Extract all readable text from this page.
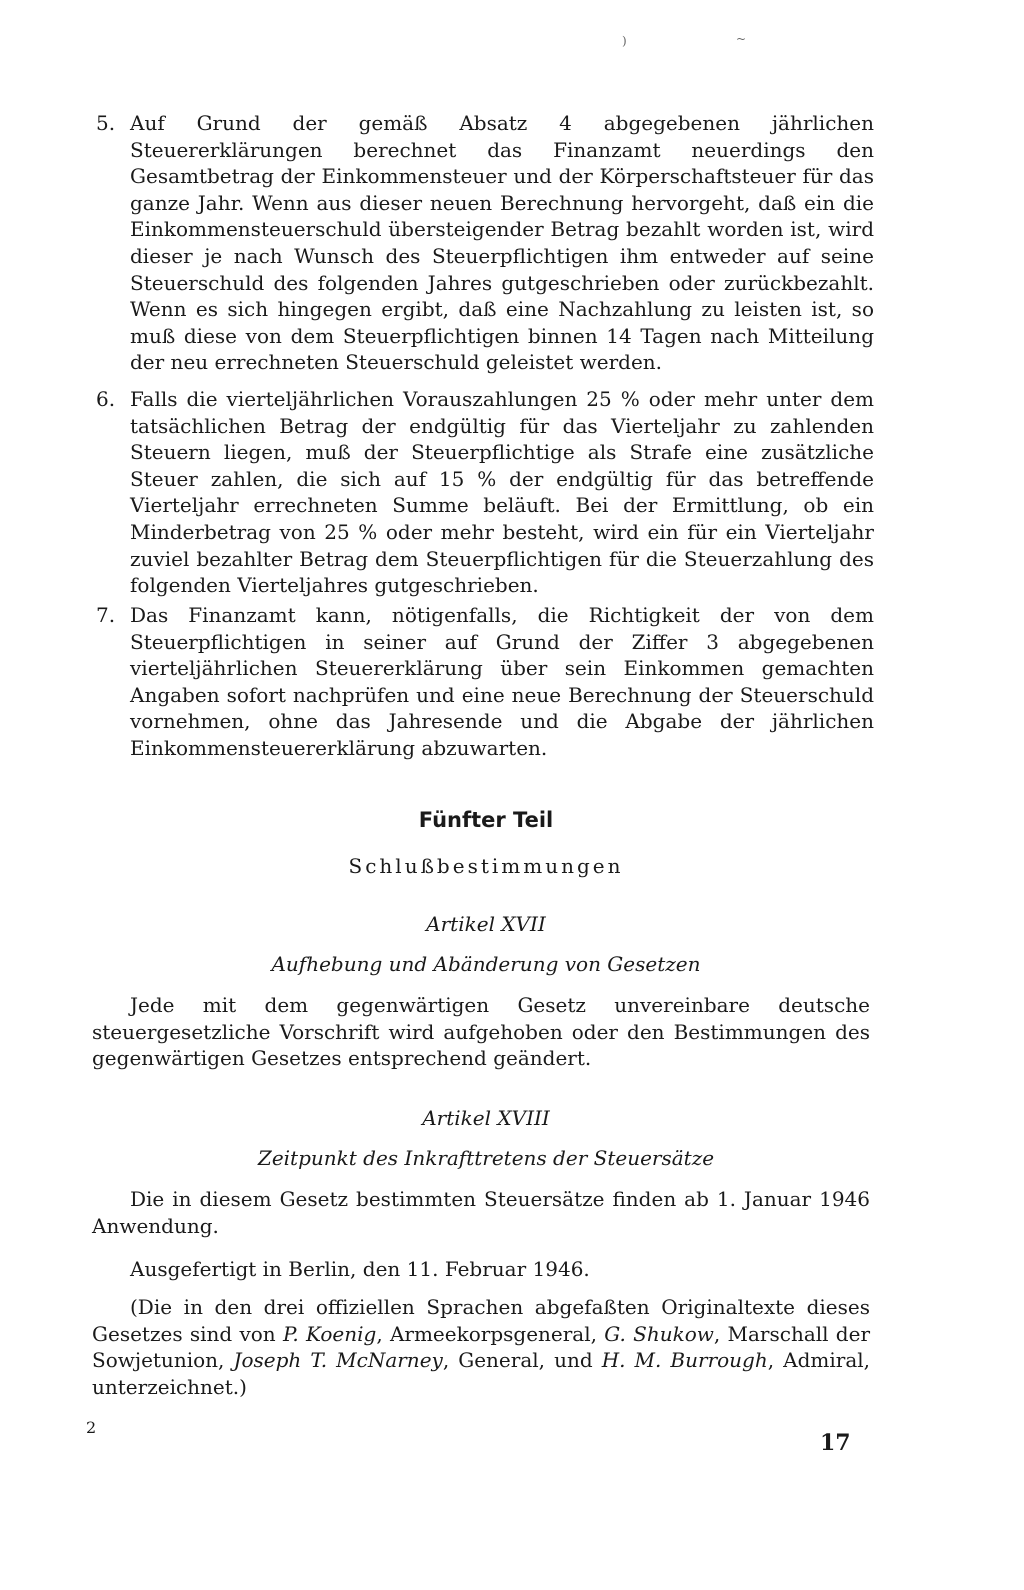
)	~
5. Auf Grund der gemäß Absatz 4 abgegebenen jährlichen Steuererklärungen berechnet das Finanzamt neuerdings den Gesamtbetrag der Einkommensteuer und der Körperschaftsteuer für das ganze Jahr. Wenn aus dieser neuen Berechnung hervorgeht, daß ein die Einkommensteuerschuld übersteigender Betrag bezahlt worden ist, wird dieser je nach Wunsch des Steuerpflichtigen ihm entweder auf seine Steuerschuld des folgenden Jahres gutgeschrieben oder zurückbezahlt. Wenn es sich hingegen ergibt, daß eine Nachzahlung zu leisten ist, so muß diese von dem Steuerpflichtigen binnen 14 Tagen nach Mitteilung der neu errechneten Steuerschuld geleistet werden.
6. Falls die vierteljährlichen Vorauszahlungen 25 % oder mehr unter dem tatsächlichen Betrag der endgültig für das Vierteljahr zu zahlenden Steuern liegen, muß der Steuerpflichtige als Strafe eine zusätzliche Steuer zahlen, die sich auf 15 % der endgültig für das betreffende Vierteljahr errechneten Summe beläuft. Bei der Ermittlung, ob ein Minderbetrag von 25 % oder mehr besteht, wird ein für ein Vierteljahr zuviel bezahlter Betrag dem Steuerpflichtigen für die Steuerzahlung des folgenden Vierteljahres gutgeschrieben.
7. Das Finanzamt kann, nötigenfalls, die Richtigkeit der von dem Steuerpflichtigen in seiner auf Grund der Ziffer 3 abgegebenen vierteljährlichen Steuererklärung über sein Einkommen gemachten Angaben sofort nachprüfen und eine neue Berechnung der Steuerschuld vornehmen, ohne das Jahresende und die Abgabe der jährlichen Einkommensteuererklärung abzuwarten.
Fünfter Teil
Schlußbestimmungen
Artikel XVII
Aufhebung und Abänderung von Gesetzen
Jede mit dem gegenwärtigen Gesetz unvereinbare deutsche steuergesetzliche Vorschrift wird aufgehoben oder den Bestimmungen des gegenwärtigen Gesetzes entsprechend geändert.
Artikel XVIII
Zeitpunkt des Inkrafttretens der Steuersätze
Die in diesem Gesetz bestimmten Steuersätze finden ab 1. Januar 1946 Anwendung.
Ausgefertigt in Berlin, den 11. Februar 1946.
(Die in den drei offiziellen Sprachen abgefaßten Originaltexte dieses Gesetzes sind von P. Koenig, Armeekorpsgeneral, G. Shukow, Marschall der Sowjetunion, Joseph T. McNarney, General, und H. M. Burrough, Admiral, unterzeichnet.)
2
17
